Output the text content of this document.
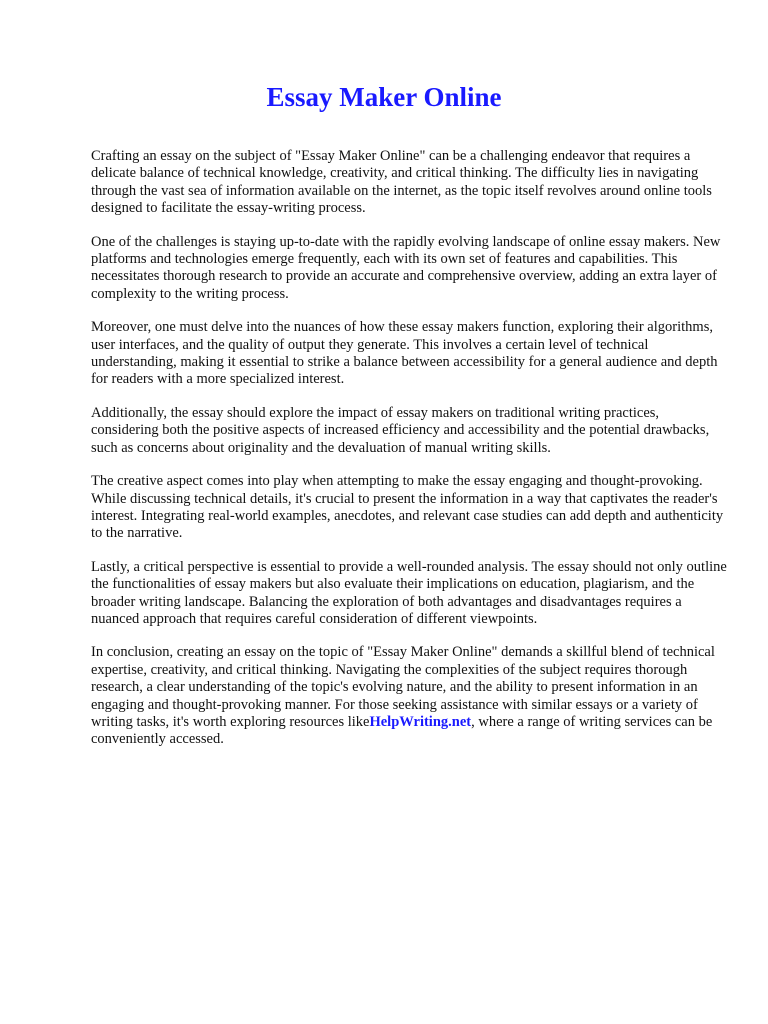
Essay Maker Online

Crafting an essay on the subject of "Essay Maker Online" can be a challenging endeavor that requires a delicate balance of technical knowledge, creativity, and critical thinking. The difficulty lies in navigating through the vast sea of information available on the internet, as the topic itself revolves around online tools designed to facilitate the essay-writing process.

One of the challenges is staying up-to-date with the rapidly evolving landscape of online essay makers. New platforms and technologies emerge frequently, each with its own set of features and capabilities. This necessitates thorough research to provide an accurate and comprehensive overview, adding an extra layer of complexity to the writing process.

Moreover, one must delve into the nuances of how these essay makers function, exploring their algorithms, user interfaces, and the quality of output they generate. This involves a certain level of technical understanding, making it essential to strike a balance between accessibility for a general audience and depth for readers with a more specialized interest.

Additionally, the essay should explore the impact of essay makers on traditional writing practices, considering both the positive aspects of increased efficiency and accessibility and the potential drawbacks, such as concerns about originality and the devaluation of manual writing skills.

The creative aspect comes into play when attempting to make the essay engaging and thought-provoking. While discussing technical details, it's crucial to present the information in a way that captivates the reader's interest. Integrating real-world examples, anecdotes, and relevant case studies can add depth and authenticity to the narrative.

Lastly, a critical perspective is essential to provide a well-rounded analysis. The essay should not only outline the functionalities of essay makers but also evaluate their implications on education, plagiarism, and the broader writing landscape. Balancing the exploration of both advantages and disadvantages requires a nuanced approach that requires careful consideration of different viewpoints.

In conclusion, creating an essay on the topic of "Essay Maker Online" demands a skillful blend of technical expertise, creativity, and critical thinking. Navigating the complexities of the subject requires thorough research, a clear understanding of the topic's evolving nature, and the ability to present information in an engaging and thought-provoking manner. For those seeking assistance with similar essays or a variety of writing tasks, it's worth exploring resources likeHelpWriting.net, where a range of writing services can be conveniently accessed.
